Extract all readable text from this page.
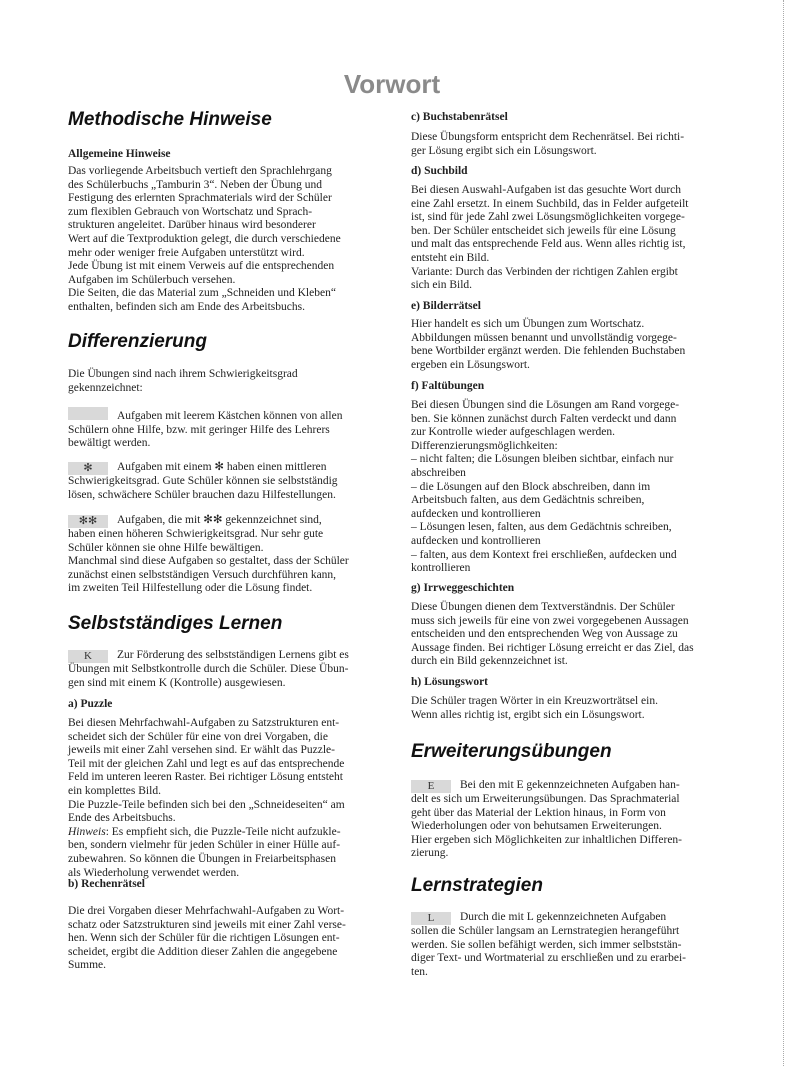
Vorwort
Methodische Hinweise
Allgemeine Hinweise

Das vorliegende Arbeitsbuch vertieft den Sprachlehrgang
des Schülerbuchs „Tamburin 3“. Neben der Übung und
Festigung des erlernten Sprachmaterials wird der Schüler
zum flexiblen Gebrauch von Wortschatz und Sprach-
strukturen angeleitet. Darüber hinaus wird besonderer
Wert auf die Textproduktion gelegt, die durch verschiedene
mehr oder weniger freie Aufgaben unterstützt wird.
Jede Übung ist mit einem Verweis auf die entsprechenden
Aufgaben im Schülerbuch versehen.
Die Seiten, die das Material zum „Schneiden und Kleben“
enthalten, befinden sich am Ende des Arbeitsbuchs.

Differenzierung

Die Übungen sind nach ihrem Schwierigkeitsgrad
gekennzeichnet:

Aufgaben mit leerem Kästchen können von allen
Schülern ohne Hilfe, bzw. mit geringer Hilfe des Lehrers
bewältigt werden.

✻ Aufgaben mit einem ✻ haben einen mittleren
Schwierigkeitsgrad. Gute Schüler können sie selbstständig
lösen, schwächere Schüler brauchen dazu Hilfestellungen.

✻✻ Aufgaben, die mit ✻✻ gekennzeichnet sind,
haben einen höheren Schwierigkeitsgrad. Nur sehr gute
Schüler können sie ohne Hilfe bewältigen.
Manchmal sind diese Aufgaben so gestaltet, dass der Schüler
zunächst einen selbstständigen Versuch durchführen kann,
im zweiten Teil Hilfestellung oder die Lösung findet.

Selbstständiges Lernen

K Zur Förderung des selbstständigen Lernens gibt es
Übungen mit Selbstkontrolle durch die Schüler. Diese Übun-
gen sind mit einem K (Kontrolle) ausgewiesen.

a) Puzzle

Bei diesen Mehrfachwahl-Aufgaben zu Satzstrukturen ent-
scheidet sich der Schüler für eine von drei Vorgaben, die
jeweils mit einer Zahl versehen sind. Er wählt das Puzzle-
Teil mit der gleichen Zahl und legt es auf das entsprechende
Feld im unteren leeren Raster. Bei richtiger Lösung entsteht
ein komplettes Bild.
Die Puzzle-Teile befinden sich bei den „Schneideseiten“ am
Ende des Arbeitsbuchs.
Hinweis: Es empfieht sich, die Puzzle-Teile nicht aufzukle-
ben, sondern vielmehr für jeden Schüler in einer Hülle auf-
zubewahren. So können die Übungen in Freiarbeitsphasen
als Wiederholung verwendet werden.

b) Rechenrätsel

Die drei Vorgaben dieser Mehrfachwahl-Aufgaben zu Wort-
schatz oder Satzstrukturen sind jeweils mit einer Zahl verse-
hen. Wenn sich der Schüler für die richtigen Lösungen ent-
scheidet, ergibt die Addition dieser Zahlen die angegebene
Summe.

c) Buchstabenrätsel

Diese Übungsform entspricht dem Rechenrätsel. Bei richti-
ger Lösung ergibt sich ein Lösungswort.

d) Suchbild

Bei diesen Auswahl-Aufgaben ist das gesuchte Wort durch
eine Zahl ersetzt. In einem Suchbild, das in Felder aufgeteilt
ist, sind für jede Zahl zwei Lösungsmöglichkeiten vorgege-
ben. Der Schüler entscheidet sich jeweils für eine Lösung
und malt das entsprechende Feld aus. Wenn alles richtig ist,
entsteht ein Bild.
Variante: Durch das Verbinden der richtigen Zahlen ergibt
sich ein Bild.

e) Bilderrätsel

Hier handelt es sich um Übungen zum Wortschatz.
Abbildungen müssen benannt und unvollständig vorgege-
bene Wortbilder ergänzt werden. Die fehlenden Buchstaben
ergeben ein Lösungswort.

f) Faltübungen

Bei diesen Übungen sind die Lösungen am Rand vorgege-
ben. Sie können zunächst durch Falten verdeckt und dann
zur Kontrolle wieder aufgeschlagen werden.
Differenzierungsmöglichkeiten:
– nicht falten; die Lösungen bleiben sichtbar, einfach nur
abschreiben
– die Lösungen auf den Block abschreiben, dann im
Arbeitsbuch falten, aus dem Gedächtnis schreiben,
aufdecken und kontrollieren
– Lösungen lesen, falten, aus dem Gedächtnis schreiben,
aufdecken und kontrollieren
– falten, aus dem Kontext frei erschließen, aufdecken und
kontrollieren

g) Irrweggeschichten

Diese Übungen dienen dem Textverständnis. Der Schüler
muss sich jeweils für eine von zwei vorgegebenen Aussagen
entscheiden und den entsprechenden Weg von Aussage zu
Aussage finden. Bei richtiger Lösung erreicht er das Ziel, das
durch ein Bild gekennzeichnet ist.

h) Lösungswort

Die Schüler tragen Wörter in ein Kreuzworträtsel ein.
Wenn alles richtig ist, ergibt sich ein Lösungswort.

Erweiterungsübungen

E Bei den mit E gekennzeichneten Aufgaben han-
delt es sich um Erweiterungsübungen. Das Sprachmaterial
geht über das Material der Lektion hinaus, in Form von
Wiederholungen oder von behutsamen Erweiterungen.
Hier ergeben sich Möglichkeiten zur inhaltlichen Differen-
zierung.

Lernstrategien

L Durch die mit L gekennzeichneten Aufgaben
sollen die Schüler langsam an Lernstrategien herangeführt
werden. Sie sollen befähigt werden, sich immer selbststän-
diger Text- und Wortmaterial zu erschließen und zu erarbei-
ten.
